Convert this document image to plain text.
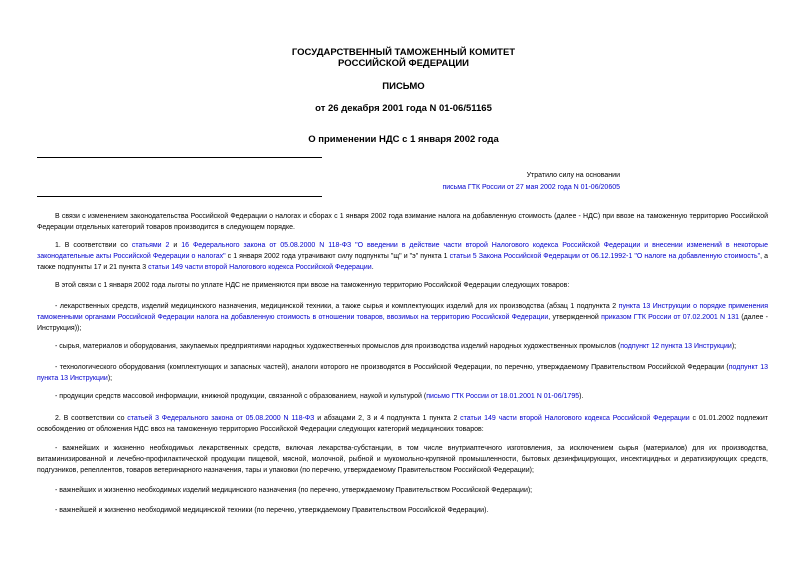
ГОСУДАРСТВЕННЫЙ ТАМОЖЕННЫЙ КОМИТЕТ
РОССИЙСКОЙ ФЕДЕРАЦИИ
ПИСЬМО
от 26 декабря 2001 года N 01-06/51165
О применении НДС с 1 января 2002 года
Утратило силу на основании
письма ГТК России от 27 мая 2002 года N 01-06/20605
В связи с изменением законодательства Российской Федерации о налогах и сборах с 1 января 2002 года взимание налога на добавленную стоимость (далее - НДС) при ввозе на таможенную территорию Российской Федерации отдельных категорий товаров производится в следующем порядке.
1. В соответствии со статьями 2 и 16 Федерального закона от 05.08.2000 N 118-ФЗ "О введении в действие части второй Налогового кодекса Российской Федерации и внесении изменений в некоторые законодательные акты Российской Федерации о налогах" с 1 января 2002 года утрачивают силу подпункты "щ" и "э" пункта 1 статьи 5 Закона Российской Федерации от 06.12.1992-1 "О налоге на добавленную стоимость", а также подпункты 17 и 21 пункта 3 статьи 149 части второй Налогового кодекса Российской Федерации.
В этой связи с 1 января 2002 года льготы по уплате НДС не применяются при ввозе на таможенную территорию Российской Федерации следующих товаров:
- лекарственных средств, изделий медицинского назначения, медицинской техники, а также сырья и комплектующих изделий для их производства (абзац 1 подпункта 2 пункта 13 Инструкции о порядке применения таможенными органами Российской Федерации налога на добавленную стоимость в отношении товаров, ввозимых на территорию Российской Федерации, утвержденной приказом ГТК России от 07.02.2001 N 131 (далее - Инструкция));
- сырья, материалов и оборудования, закупаемых предприятиями народных художественных промыслов для производства изделий народных художественных промыслов (подпункт 12 пункта 13 Инструкции);
- технологического оборудования (комплектующих и запасных частей), аналоги которого не производятся в Российской Федерации, по перечню, утверждаемому Правительством Российской Федерации (подпункт 13 пункта 13 Инструкции);
- продукции средств массовой информации, книжной продукции, связанной с образованием, наукой и культурой (письмо ГТК России от 18.01.2001 N 01-06/1795).
2. В соответствии со статьей 3 Федерального закона от 05.08.2000 N 118-ФЗ и абзацами 2, 3 и 4 подпункта 1 пункта 2 статьи 149 части второй Налогового кодекса Российской Федерации с 01.01.2002 подлежит освобождению от обложения НДС ввоз на таможенную территорию Российской Федерации следующих категорий медицинских товаров:
- важнейших и жизненно необходимых лекарственных средств, включая лекарства-субстанции, в том числе внутриаптечного изготовления, за исключением сырья (материалов) для их производства, витаминизированной и лечебно-профилактической продукции пищевой, мясной, молочной, рыбной и мукомольно-крупяной промышленности, бытовых дезинфицирующих, инсектицидных и дератизирующих средств, подгузников, репеллентов, товаров ветеринарного назначения, тары и упаковки (по перечню, утверждаемому Правительством Российской Федерации);
- важнейших и жизненно необходимых изделий медицинского назначения (по перечню, утверждаемому Правительством Российской Федерации);
- важнейшей и жизненно необходимой медицинской техники (по перечню, утверждаемому Правительством Российской Федерации).
